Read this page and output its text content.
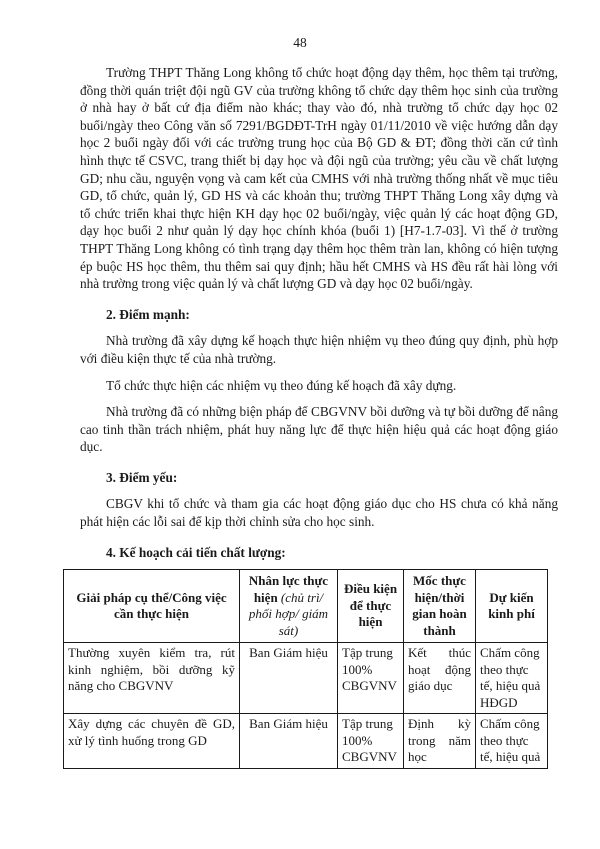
48

Trường THPT Thăng Long không tổ chức hoạt động dạy thêm, học thêm tại trường, đồng thời quán triệt đội ngũ GV của trường không tổ chức dạy thêm học sinh của trường ở nhà hay ở bất cứ địa điểm nào khác; thay vào đó, nhà trường tổ chức dạy học 02 buổi/ngày theo Công văn số 7291/BGDĐT-TrH ngày 01/11/2010 về việc hướng dẫn dạy học 2 buổi ngày đối với các trường trung học của Bộ GD & ĐT; đồng thời căn cứ tình hình thực tế CSVC, trang thiết bị dạy học và đội ngũ của trường; yêu cầu về chất lượng GD; nhu cầu, nguyện vọng và cam kết của CMHS với nhà trường thống nhất về mục tiêu GD, tổ chức, quản lý, GD HS và các khoản thu; trường THPT Thăng Long xây dựng và tổ chức triển khai thực hiện KH dạy học 02 buổi/ngày, việc quản lý các hoạt động GD, dạy học buổi 2 như quản lý dạy học chính khóa (buổi 1) [H7-1.7-03]. Vì thế ở trường THPT Thăng Long không có tình trạng dạy thêm học thêm tràn lan, không có hiện tượng ép buộc HS học thêm, thu thêm sai quy định; hầu hết CMHS và HS đều rất hài lòng với nhà trường trong việc quản lý và chất lượng GD và dạy học 02 buổi/ngày.

2. Điểm mạnh:

Nhà trường đã xây dựng kế hoạch thực hiện nhiệm vụ theo đúng quy định, phù hợp với điều kiện thực tế của nhà trường.

Tổ chức thực hiện các nhiệm vụ theo đúng kế hoạch đã xây dựng.

Nhà trường đã có những biện pháp để CBGVNV bồi dưỡng và tự bồi dưỡng để nâng cao tinh thần trách nhiệm, phát huy năng lực để thực hiện hiệu quả các hoạt động giáo dục.

3. Điểm yếu:

CBGV khi tổ chức và tham gia các hoạt động giáo dục cho HS chưa có khả năng phát hiện các lỗi sai để kịp thời chỉnh sửa cho học sinh.

4. Kế hoạch cải tiến chất lượng:

Giải pháp cụ thể/Công việc cần thực hiện	Nhân lực thực hiện (chủ trì/ phối hợp/ giám sát)	Điều kiện để thực hiện	Mốc thực hiện/thời gian hoàn thành	Dự kiến kinh phí
Thường xuyên kiểm tra, rút kinh nghiệm, bồi dưỡng kỹ năng cho CBGVNV	Ban Giám hiệu	Tập trung 100% CBGVNV	Kết thúc hoạt động giáo dục	Chấm công theo thực tế, hiệu quả HĐGD
Xây dựng các chuyên đề GD, xử lý tình huống trong GD	Ban Giám hiệu	Tập trung 100% CBGVNV	Định kỳ trong năm học	Chấm công theo thực tế, hiệu quả
